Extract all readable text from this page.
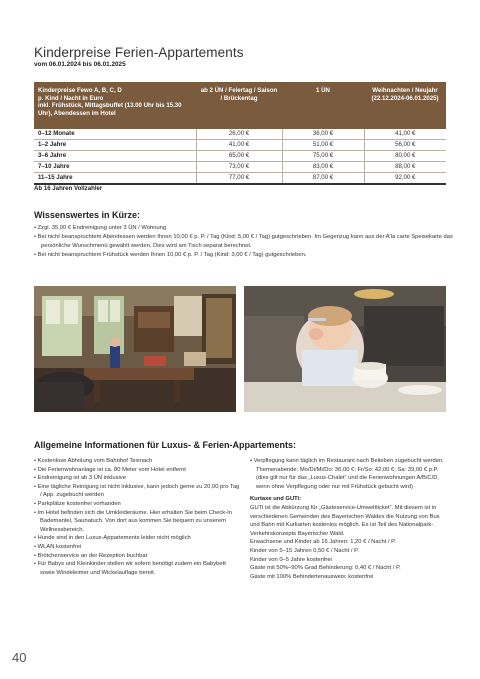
Kinderpreise Ferien-Appartements
vom 06.01.2024 bis 06.01.2025
Kinderpreise Fewo A, B, C, D
p. Kind / Nacht in Euro
inkl. Frühstück, Mittagsbuffet (13.00 Uhr bis 15.30 Uhr), Abendessen im Hotel	ab 2 ÜN / Feiertag / Saison / Brückentag	1 ÜN	Weihnachten / Neujahr (22.12.2024-06.01.2025)
0–12 Monate	26,00 €	36,00 €	41,00 €
1–2 Jahre	41,00 €	51,00 €	56,00 €
3–6 Jahre	65,00 €	75,00 €	80,00 €
7–10 Jahre	73,00 €	83,00 €	88,00 €
11–15 Jahre	77,00 €	87,00 €	92,00 €
Ab 16 Jahren Vollzahler
Wissenswertes in Kürze:
• Zzgl. 35,00 € Endreinigung unter 3 ÜN / Wohnung
• Bei nicht beanspruchtem Abendessen werden Ihnen 10,00 € p. P. / Tag (Kind: 5,00 € / Tag) gutgeschrieben. Im Gegenzug kann aus der A'la carte Speisekarte das persönliche Wunschmenü gewählt werden. Dies wird am Tisch separat berechnet.
• Bei nicht beanspruchtem Frühstück werden Ihnen 10,00 € p. P. / Tag (Kind: 3,00 € / Tag) gutgeschrieben.
Allgemeine Informationen für Luxus- & Ferien-Appartements:
• Kostenlose Abholung vom Bahnhof Teisnach
• Die Ferienwohnanlage ist ca. 80 Meter vom Hotel entfernt
• Endreinigung ist ab 3 ÜN inklusive
• Eine tägliche Reinigung ist nicht inklusive, kann jedoch gerne zu 20,00 pro Tag / App. zugebucht werden
• Parkplätze kostenfrei vorhanden
• Im Hotel befinden sich die Umkleideräume. Hier erhalten Sie beim Check-In Bademantel, Saunatuch. Von dort aus kommen Sie bequem zu unserem Wellnessbereich.
• Hunde sind in den Luxus-Appartements leider nicht möglich
• WLAN kostenfrei
• Brötchenservice an der Rezeption buchbar
• Für Babys und Kleinkinder stellen wir sofern benötigt zudem ein Babybett sowie Windeleimer und Wickelauflage bereit.
• Verpflegung kann täglich im Restaurant nach Belieben zugebucht werden. Themenabende: Mo/Di/Mi/Do: 36,00 €; Fr/So: 42,00 €; Sa: 39,00 € p.P. (dies gilt nur für das „Luxus-Chalet“ und die Ferienwohnungen A/B/C/D, wenn ohne Verpflegung oder nur mit Frühstück gebucht wird)
Kurtaxe und GUTi:

GUTi ist die Abkürzung für „Gästeservice-Umweltticket“. Mit diesem ist in verschiedenen Gemeinden des Bayerischen Waldes die Nutzung von Bus und Bahn mit Kurkarten kostenlos möglich. Es ist Teil des Nationalpark-Verkehrskonzepts Bayerischer Wald.

Erwachsene und Kinder ab 16 Jahren: 1,20 € / Nacht / P.

Kinder von 5–15 Jahren 0,50 € / Nacht / P.

Kinder von 0–5 Jahre kostenfrei

Gäste mit 50%–90% Grad Behinderung: 0,40 € / Nacht / P.

Gäste mit 100% Behindertenausweis: kostenfrei

40
